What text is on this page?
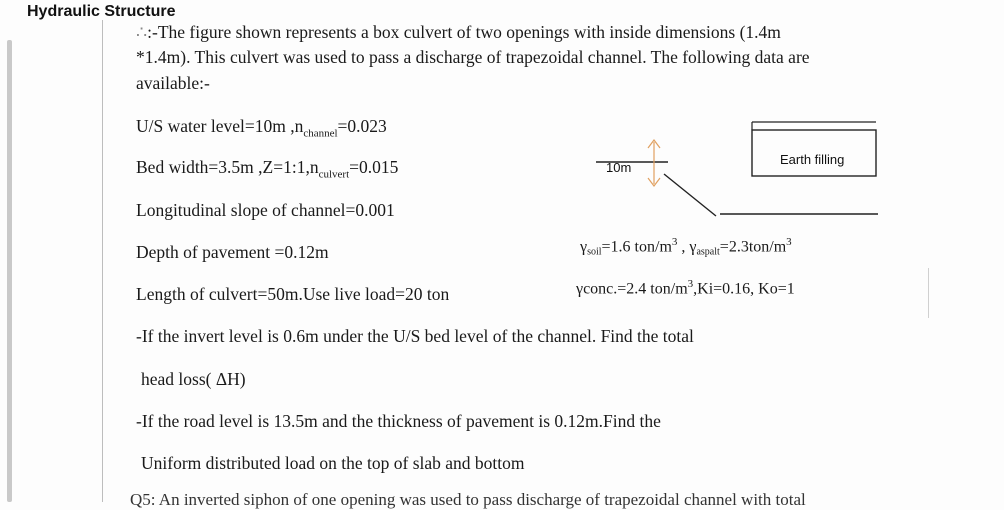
Hydraulic Structure
∴:-The figure shown represents a box culvert of two openings with inside dimensions (1.4m
*1.4m). This culvert was used to pass a discharge of trapezoidal channel. The following data are
available:-
U/S water level=10m $,n_{channel}=0.023$
Bed width=3.5m $,Z=1:1,n_{culvert}=0.015$
Longitudinal slope of channel=0.001
Depth of pavement =0.12m
Length of culvert=50m.Use live load=20 ton
γsoil=1.6 ton/$m^3$ , $\gamma aspalt=2.3ton/m^3$
γconc.=2.4 ton/$m^3,Ki=0.16$, Ko=1
10m
Earth filling
-If the invert level is 0.6m under the U/S bed level of the channel. Find the total
head loss( ΔH)
-If the road level is 13.5m and the thickness of pavement is 0.12m.Find the
Uniform distributed load on the top of slab and bottom
Q5: An inverted siphon of one opening was used to pass discharge of trapezoidal channel with total
